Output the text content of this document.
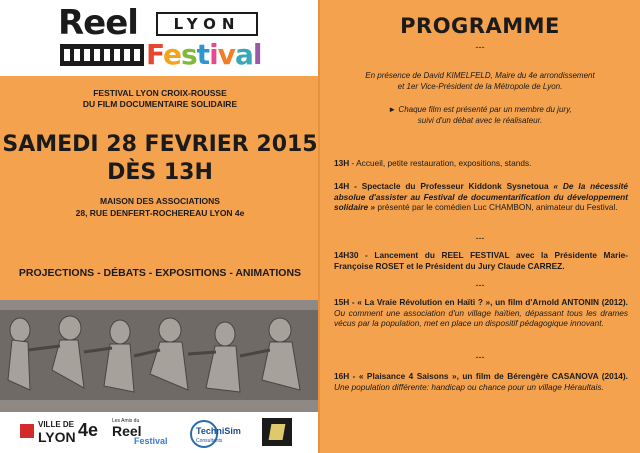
Reel	LYON
Festival
FESTIVAL LYON CROIX-ROUSSE
DU FILM DOCUMENTAIRE SOLIDAIRE
SAMEDI 28 FEVRIER 2015
DÈS 13H
MAISON DES ASSOCIATIONS
28, RUE DENFERT-ROCHEREAU LYON 4e
PROJECTIONS - DÉBATS - EXPOSITIONS - ANIMATIONS
VILLE DE
LYON 4e	Les Amis du
Reel
Festival
TechniSim
Consultants
PROGRAMME
---
En présence de David KIMELFELD, Maire du 4e arrondissement
et 1er Vice-Président de la Métropole de Lyon.
► Chaque film est présenté par un membre du jury,
suivi d'un débat avec le réalisateur.
13H - Accueil, petite restauration, expositions, stands.
14H - Spectacle du Professeur Kiddonk Sysnetoua « De la nécessité absolue d'assister au Festival de documentarification du développement solidaire » présenté par le comédien Luc CHAMBON, animateur du Festival.
---
14H30 - Lancement du REEL FESTIVAL avec la Présidente Marie-Françoise ROSET et le Président du Jury Claude CARREZ.
---
15H - « La Vraie Révolution en Haïti ? », un film d'Arnold ANTONIN (2012). Ou comment une association d'un village haïtien, dépassant tous les drames vécus par la population, met en place un dispositif pédagogique innovant.
---
16H - « Plaisance 4 Saisons », un film de Bérengère CASANOVA (2014). Une population différente: handicap ou chance pour un village Héraultais.
